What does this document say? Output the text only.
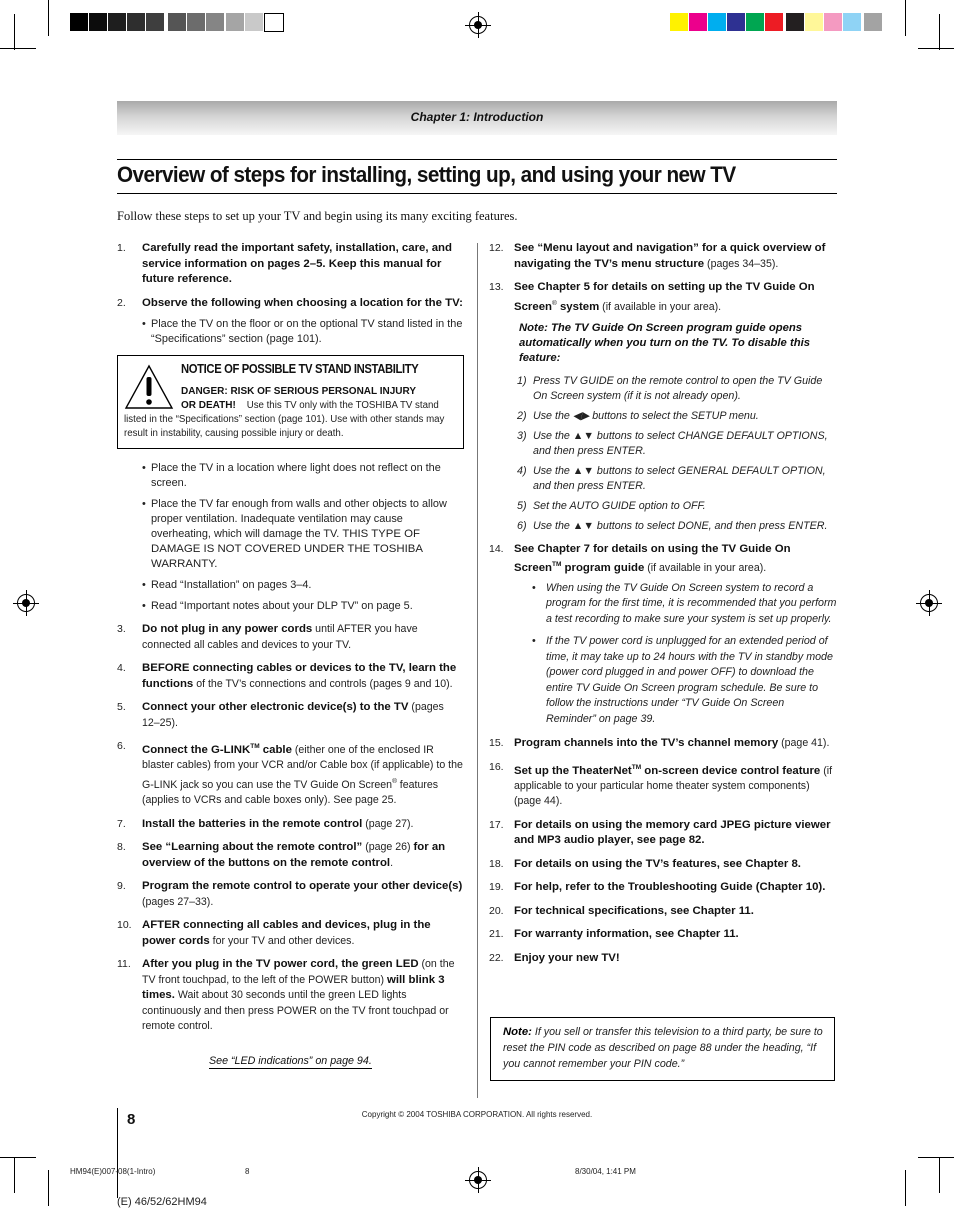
Chapter 1: Introduction
Overview of steps for installing, setting up, and using your new TV
Follow these steps to set up your TV and begin using its many exciting features.
1. Carefully read the important safety, installation, care, and service information on pages 2–5. Keep this manual for future reference.
2. Observe the following when choosing a location for the TV:
• Place the TV on the floor or on the optional TV stand listed in the “Specifications” section (page 101).
NOTICE OF POSSIBLE TV STAND INSTABILITY
DANGER: RISK OF SERIOUS PERSONAL INJURY OR DEATH! Use this TV only with the TOSHIBA TV stand listed in the “Specifications” section (page 101). Use with other stands may result in instability, causing possible injury or death.
• Place the TV in a location where light does not reflect on the screen.
• Place the TV far enough from walls and other objects to allow proper ventilation. Inadequate ventilation may cause overheating, which will damage the TV. THIS TYPE OF DAMAGE IS NOT COVERED UNDER THE TOSHIBA WARRANTY.
• Read “Installation” on pages 3–4.
• Read “Important notes about your DLP TV” on page 5.
3. Do not plug in any power cords until AFTER you have connected all cables and devices to your TV.
4. BEFORE connecting cables or devices to the TV, learn the functions of the TV’s connections and controls (pages 9 and 10).
5. Connect your other electronic device(s) to the TV (pages 12–25).
6. Connect the G-LINK™ cable (either one of the enclosed IR blaster cables) from your VCR and/or Cable box (if applicable) to the G-LINK jack so you can use the TV Guide On Screen® features (applies to VCRs and cable boxes only). See page 25.
7. Install the batteries in the remote control (page 27).
8. See “Learning about the remote control” (page 26) for an overview of the buttons on the remote control.
9. Program the remote control to operate your other device(s) (pages 27–33).
10. AFTER connecting all cables and devices, plug in the power cords for your TV and other devices.
11. After you plug in the TV power cord, the green LED (on the TV front touchpad, to the left of the POWER button) will blink 3 times. Wait about 30 seconds until the green LED lights continuously and then press POWER on the TV front touchpad or remote control.
See “LED indications” on page 94.
12. See “Menu layout and navigation” for a quick overview of navigating the TV’s menu structure (pages 34–35).
13. See Chapter 5 for details on setting up the TV Guide On Screen® system (if available in your area).
Note: The TV Guide On Screen program guide opens automatically when you turn on the TV. To disable this feature:
1) Press TV GUIDE on the remote control to open the TV Guide On Screen system (if it is not already open).
2) Use the ◀▶ buttons to select the SETUP menu.
3) Use the ▲▼ buttons to select CHANGE DEFAULT OPTIONS, and then press ENTER.
4) Use the ▲▼ buttons to select GENERAL DEFAULT OPTION, and then press ENTER.
5) Set the AUTO GUIDE option to OFF.
6) Use the ▲▼ buttons to select DONE, and then press ENTER.
14. See Chapter 7 for details on using the TV Guide On Screen™ program guide (if available in your area).
• When using the TV Guide On Screen system to record a program for the first time, it is recommended that you perform a test recording to make sure your system is set up properly.
• If the TV power cord is unplugged for an extended period of time, it may take up to 24 hours with the TV in standby mode (power cord plugged in and power OFF) to download the entire TV Guide On Screen program schedule. Be sure to follow the instructions under “TV Guide On Screen Reminder” on page 39.
15. Program channels into the TV’s channel memory (page 41).
16. Set up the TheaterNet™ on-screen device control feature (if applicable to your particular home theater system components) (page 44).
17. For details on using the memory card JPEG picture viewer and MP3 audio player, see page 82.
18. For details on using the TV’s features, see Chapter 8.
19. For help, refer to the Troubleshooting Guide (Chapter 10).
20. For technical specifications, see Chapter 11.
21. For warranty information, see Chapter 11.
22. Enjoy your new TV!
Note: If you sell or transfer this television to a third party, be sure to reset the PIN code as described on page 88 under the heading, “If you cannot remember your PIN code.”
8	Copyright © 2004 TOSHIBA CORPORATION. All rights reserved.
HM94(E)007-08(1-Intro)	8	8/30/04, 1:41 PM
(E) 46/52/62HM94
